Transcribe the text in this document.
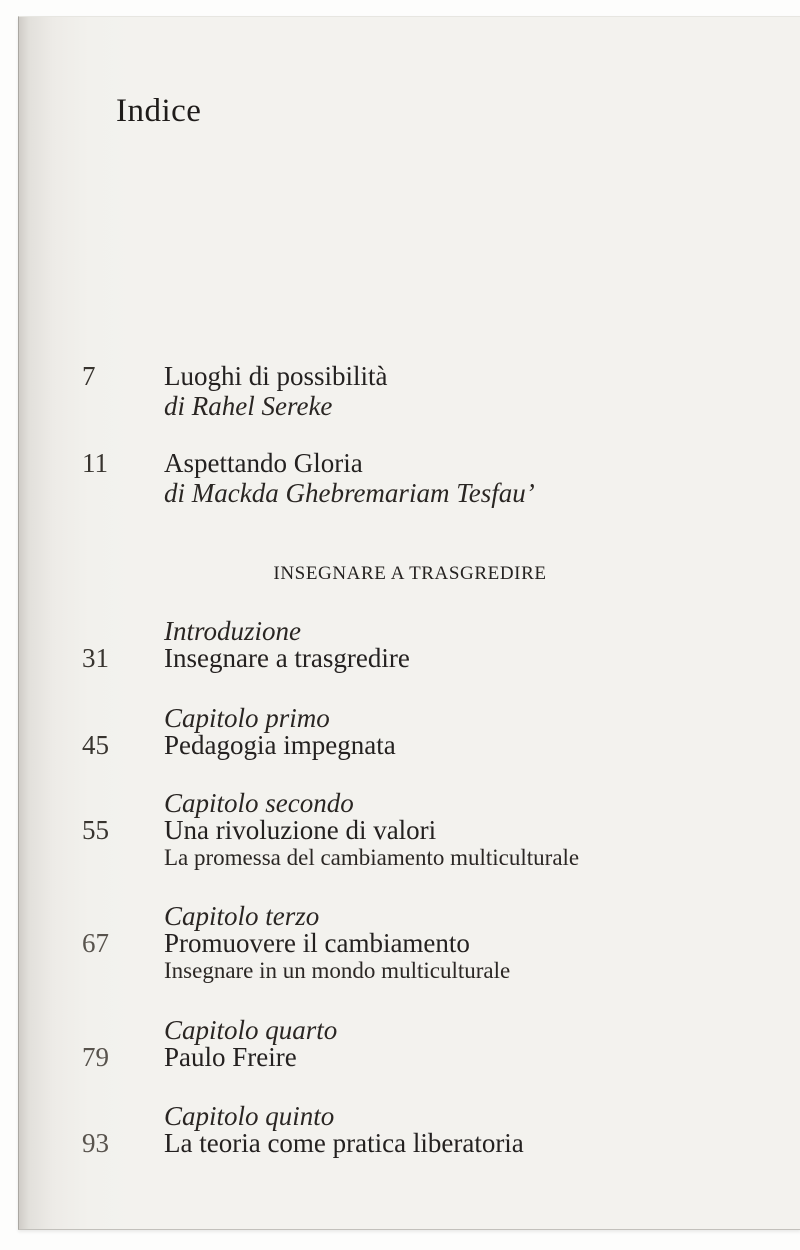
Indice
7	Luoghi di possibilità
di Rahel Sereke
11 Aspettando Gloria
di Mackda Ghebremariam Tesfau’
INSEGNARE A TRASGREDIRE
31
Introduzione
Insegnare a trasgredire
45
Capitolo primo
Pedagogia impegnata
55
Capitolo secondo
Una rivoluzione di valori
La promessa del cambiamento multiculturale
67
Capitolo terzo
Promuovere il cambiamento
Insegnare in un mondo multiculturale
79
Capitolo quarto
Paulo Freire
93
Capitolo quinto
La teoria come pratica liberatoria
